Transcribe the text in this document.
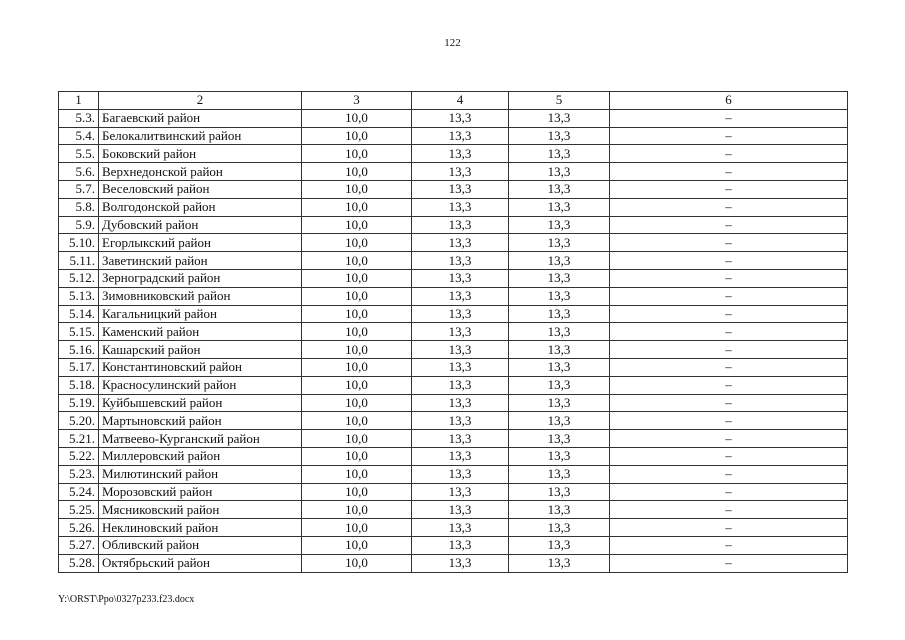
122
1	2	3	4	5	6
5.3.	Багаевский район	10,0	13,3	13,3	–
5.4.	Белокалитвинский район	10,0	13,3	13,3	–
5.5.	Боковский район	10,0	13,3	13,3	–
5.6.	Верхнедонской район	10,0	13,3	13,3	–
5.7.	Веселовский район	10,0	13,3	13,3	–
5.8.	Волгодонской район	10,0	13,3	13,3	–
5.9.	Дубовский район	10,0	13,3	13,3	–
5.10.	Егорлыкский район	10,0	13,3	13,3	–
5.11.	Заветинский район	10,0	13,3	13,3	–
5.12.	Зерноградский район	10,0	13,3	13,3	–
5.13.	Зимовниковский район	10,0	13,3	13,3	–
5.14.	Кагальницкий район	10,0	13,3	13,3	–
5.15.	Каменский район	10,0	13,3	13,3	–
5.16.	Кашарский район	10,0	13,3	13,3	–
5.17.	Константиновский район	10,0	13,3	13,3	–
5.18.	Красносулинский район	10,0	13,3	13,3	–
5.19.	Куйбышевский район	10,0	13,3	13,3	–
5.20.	Мартыновский район	10,0	13,3	13,3	–
5.21.	Матвеево-Курганский район	10,0	13,3	13,3	–
5.22.	Миллеровский район	10,0	13,3	13,3	–
5.23.	Милютинский район	10,0	13,3	13,3	–
5.24.	Морозовский район	10,0	13,3	13,3	–
5.25.	Мясниковский район	10,0	13,3	13,3	–
5.26.	Неклиновский район	10,0	13,3	13,3	–
5.27.	Обливский район	10,0	13,3	13,3	–
5.28.	Октябрьский район	10,0	13,3	13,3	–
Y:\ORST\Ppo\0327p233.f23.docx
